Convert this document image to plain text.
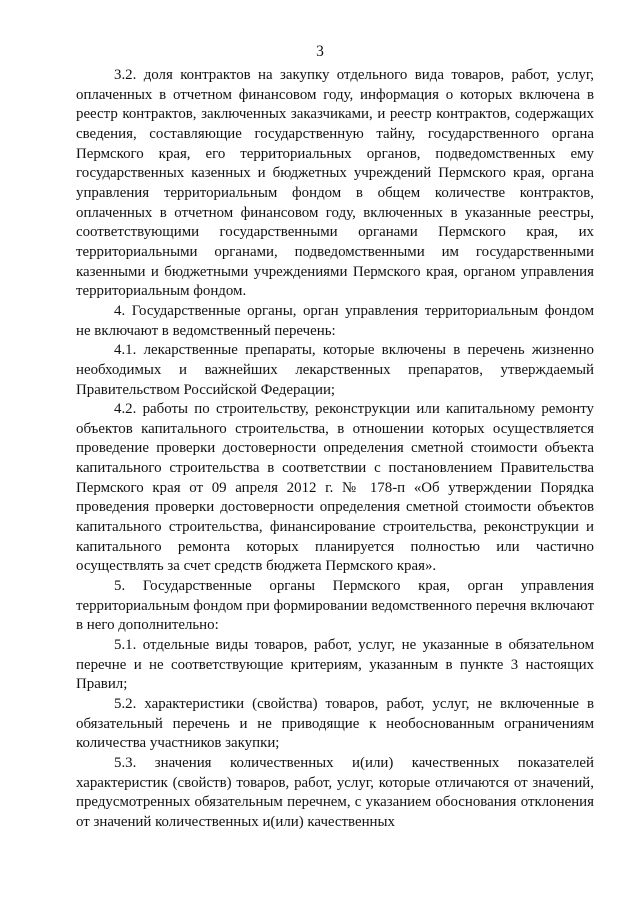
3

3.2. доля контрактов на закупку отдельного вида товаров, работ, услуг, оплаченных в отчетном финансовом году, информация о которых включена в реестр контрактов, заключенных заказчиками, и реестр контрактов, содержащих сведения, составляющие государственную тайну, государственного органа Пермского края, его территориальных органов, подведомственных ему государственных казенных и бюджетных учреждений Пермского края, органа управления территориальным фондом в общем количестве контрактов, оплаченных в отчетном финансовом году, включенных в указанные реестры, соответствующими государственными органами Пермского края, их территориальными органами, подведомственными им государственными казенными и бюджетными учреждениями Пермского края, органом управления территориальным фондом.

4. Государственные органы, орган управления территориальным фондом не включают в ведомственный перечень:

4.1. лекарственные препараты, которые включены в перечень жизненно необходимых и важнейших лекарственных препаратов, утверждаемый Правительством Российской Федерации;

4.2. работы по строительству, реконструкции или капитальному ремонту объектов капитального строительства, в отношении которых осуществляется проведение проверки достоверности определения сметной стоимости объекта капитального строительства в соответствии с постановлением Правительства Пермского края от 09 апреля 2012 г. № 178-п «Об утверждении Порядка проведения проверки достоверности определения сметной стоимости объектов капитального строительства, финансирование строительства, реконструкции и капитального ремонта которых планируется полностью или частично осуществлять за счет средств бюджета Пермского края».

5. Государственные органы Пермского края, орган управления территориальным фондом при формировании ведомственного перечня включают в него дополнительно:

5.1. отдельные виды товаров, работ, услуг, не указанные в обязательном перечне и не соответствующие критериям, указанным в пункте 3 настоящих Правил;

5.2. характеристики (свойства) товаров, работ, услуг, не включенные в обязательный перечень и не приводящие к необоснованным ограничениям количества участников закупки;

5.3. значения количественных и(или) качественных показателей характеристик (свойств) товаров, работ, услуг, которые отличаются от значений, предусмотренных обязательным перечнем, с указанием обоснования отклонения от значений количественных и(или) качественных
